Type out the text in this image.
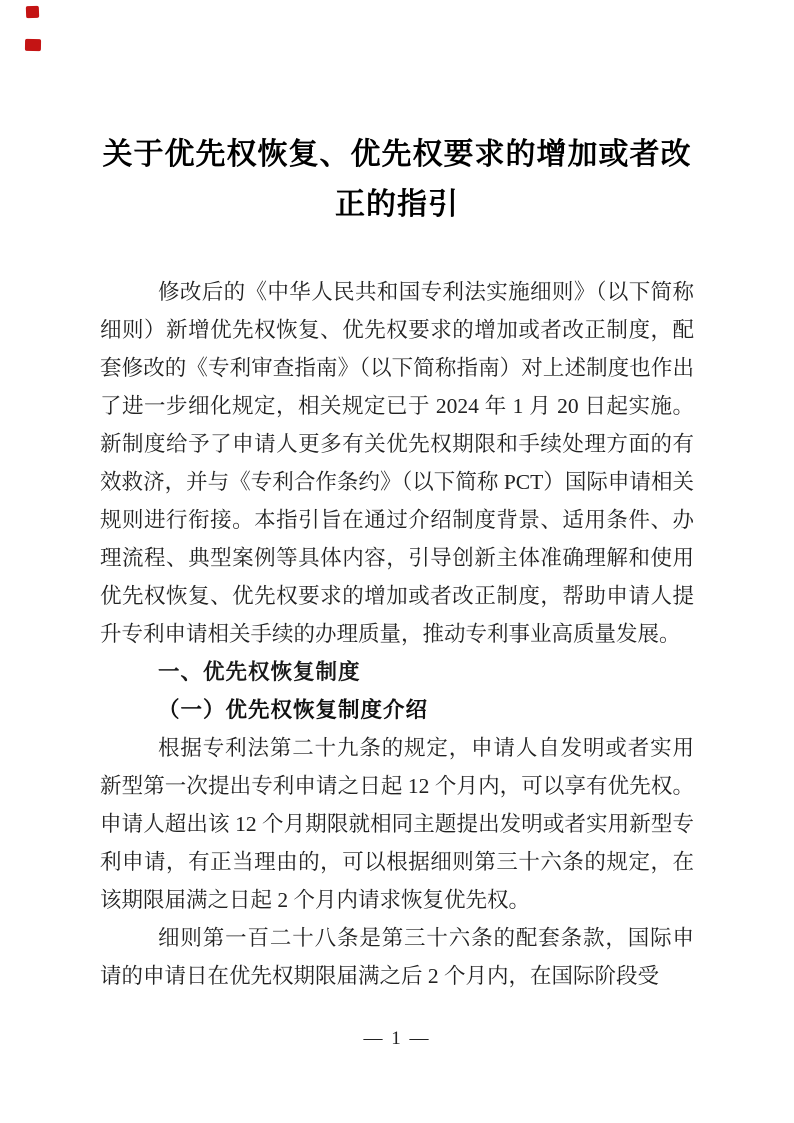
关于优先权恢复、优先权要求的增加或者改
正的指引

修改后的《中华人民共和国专利法实施细则》（以下简称细则）新增优先权恢复、优先权要求的增加或者改正制度，配套修改的《专利审查指南》（以下简称指南）对上述制度也作出了进一步细化规定，相关规定已于 2024 年 1 月 20 日起实施。新制度给予了申请人更多有关优先权期限和手续处理方面的有效救济，并与《专利合作条约》（以下简称 PCT）国际申请相关规则进行衔接。本指引旨在通过介绍制度背景、适用条件、办理流程、典型案例等具体内容，引导创新主体准确理解和使用优先权恢复、优先权要求的增加或者改正制度，帮助申请人提升专利申请相关手续的办理质量，推动专利事业高质量发展。

一、优先权恢复制度
（一）优先权恢复制度介绍

根据专利法第二十九条的规定，申请人自发明或者实用新型第一次提出专利申请之日起 12 个月内，可以享有优先权。申请人超出该 12 个月期限就相同主题提出发明或者实用新型专利申请，有正当理由的，可以根据细则第三十六条的规定，在该期限届满之日起 2 个月内请求恢复优先权。

细则第一百二十八条是第三十六条的配套条款，国际申请的申请日在优先权期限届满之后 2 个月内，在国际阶段受

— 1 —
